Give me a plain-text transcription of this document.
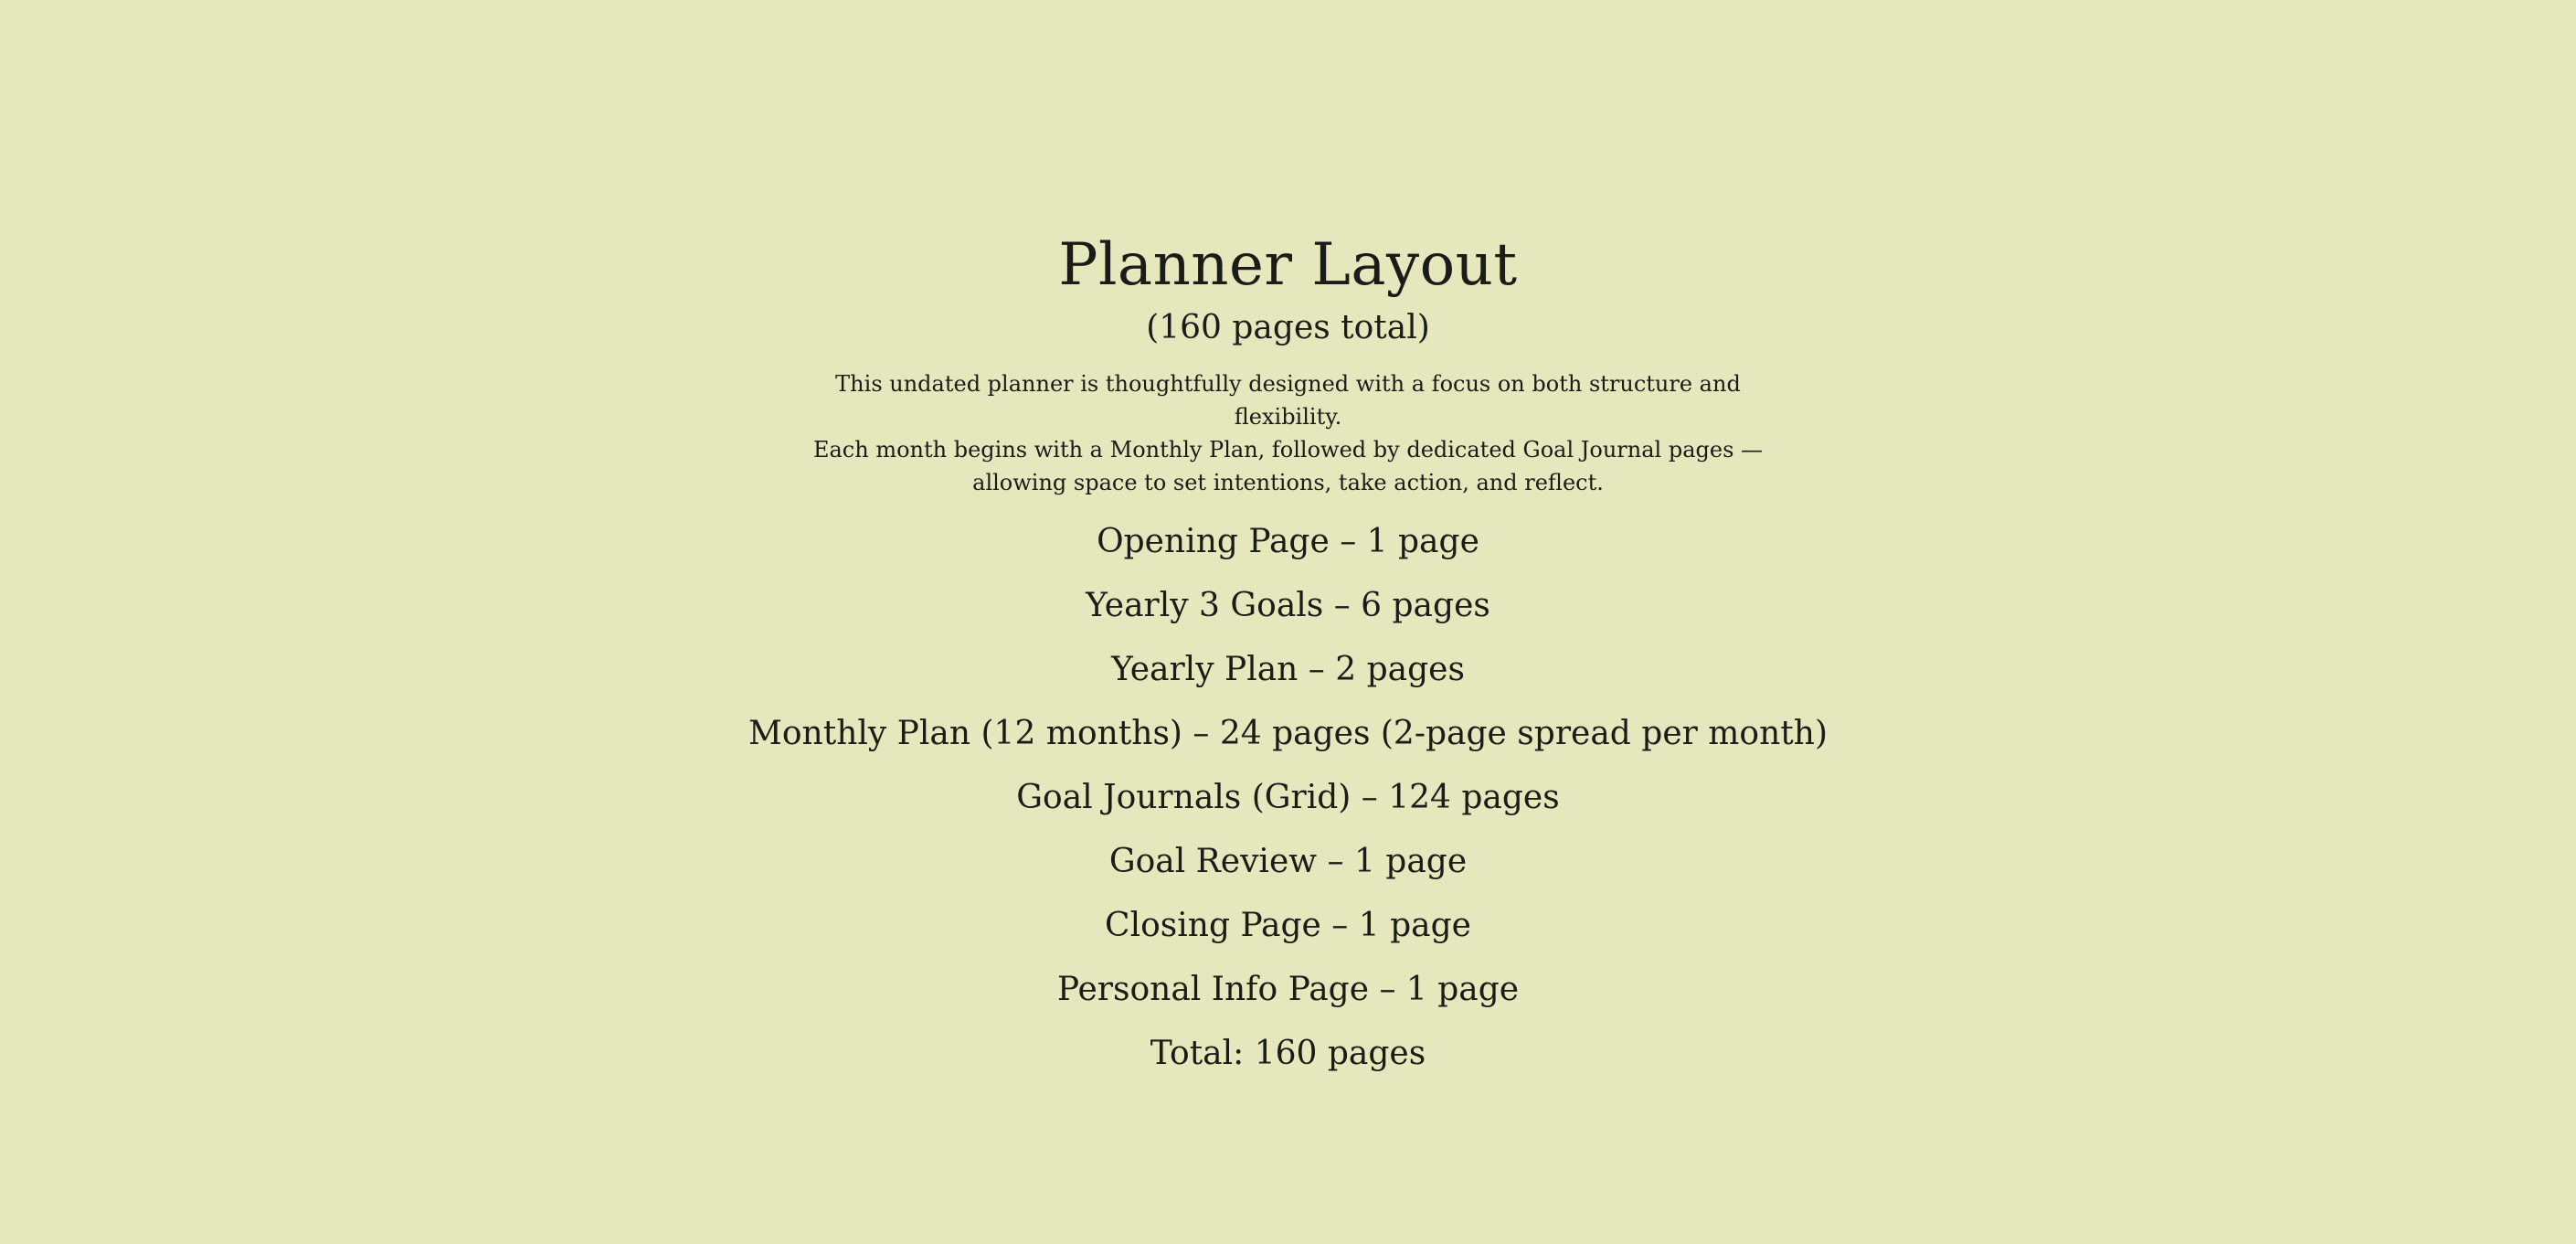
Planner Layout
(160 pages total)
This undated planner is thoughtfully designed with a focus on both structure and flexibility.
Each month begins with a Monthly Plan, followed by dedicated Goal Journal pages —
allowing space to set intentions, take action, and reflect.
Opening Page – 1 page
Yearly 3 Goals – 6 pages
Yearly Plan – 2 pages
Monthly Plan (12 months) – 24 pages (2-page spread per month)
Goal Journals (Grid) – 124 pages
Goal Review – 1 page
Closing Page – 1 page
Personal Info Page – 1 page
Total: 160 pages
